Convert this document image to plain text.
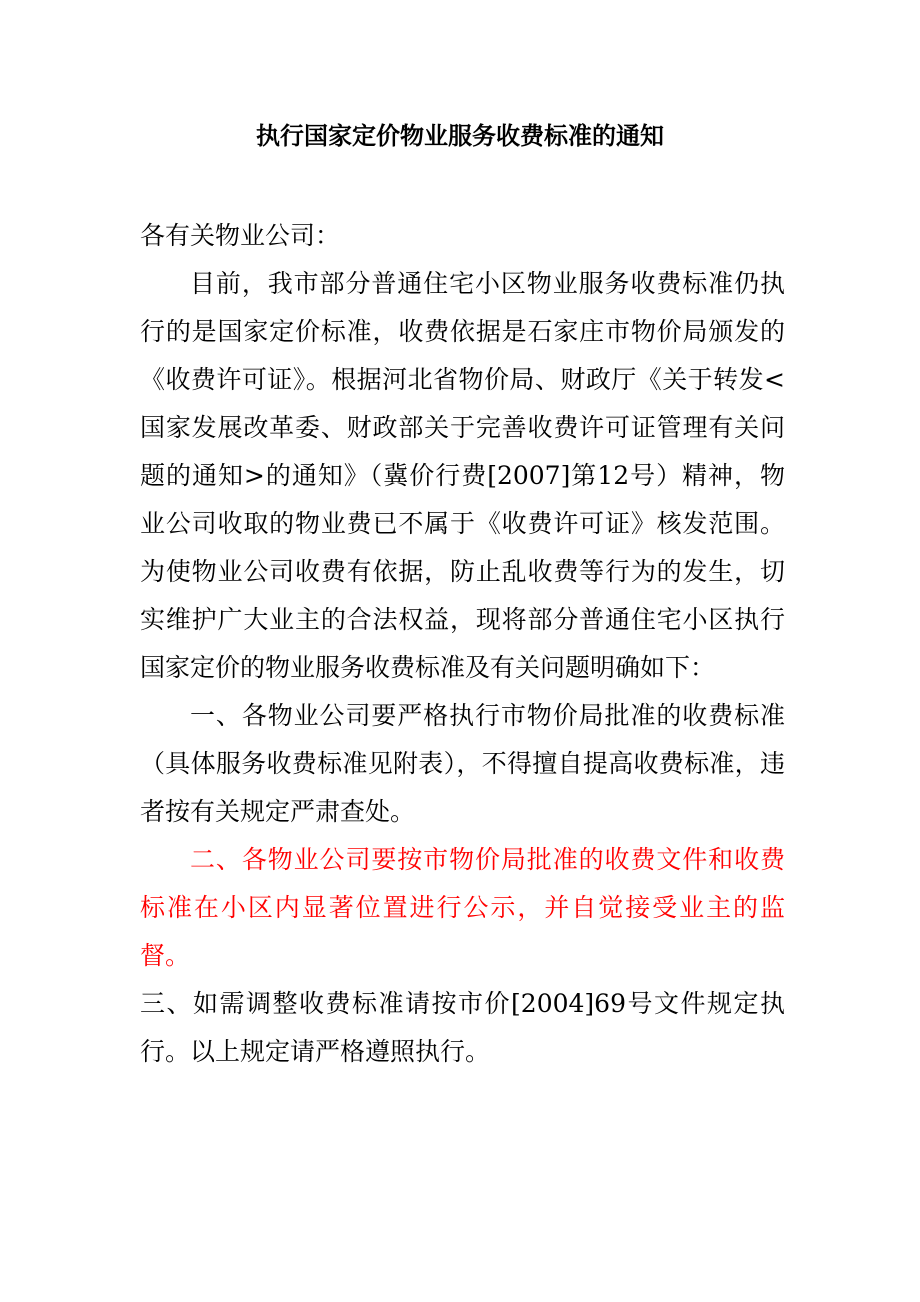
执行国家定价物业服务收费标准的通知

各有关物业公司：

目前，我市部分普通住宅小区物业服务收费标准仍执行的是国家定价标准，收费依据是石家庄市物价局颁发的《收费许可证》。根据河北省物价局、财政厅《关于转发<国家发展改革委、财政部关于完善收费许可证管理有关问题的通知>的通知》（冀价行费[2007]第12号）精神，物业公司收取的物业费已不属于《收费许可证》核发范围。为使物业公司收费有依据，防止乱收费等行为的发生，切实维护广大业主的合法权益，现将部分普通住宅小区执行国家定价的物业服务收费标准及有关问题明确如下：

一、各物业公司要严格执行市物价局批准的收费标准（具体服务收费标准见附表），不得擅自提高收费标准，违者按有关规定严肃查处。

二、各物业公司要按市物价局批准的收费文件和收费标准在小区内显著位置进行公示，并自觉接受业主的监督。

三、如需调整收费标准请按市价[2004]69号文件规定执行。以上规定请严格遵照执行。
